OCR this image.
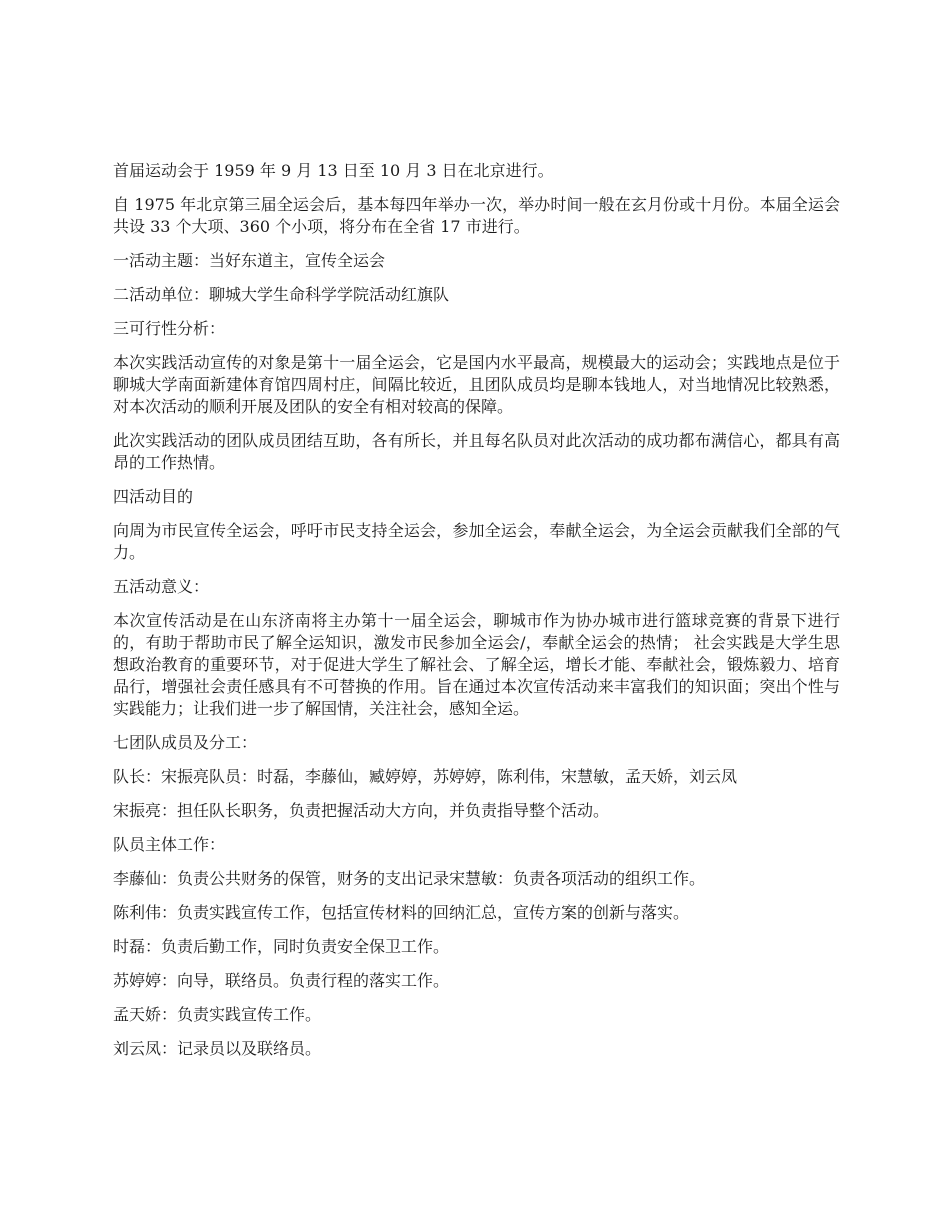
首届运动会于 1959 年 9 月 13 日至 10 月 3 日在北京进行。

自 1975 年北京第三届全运会后，基本每四年举办一次，举办时间一般在玄月份或十月份。本届全运会共设 33 个大项、360 个小项，将分布在全省 17 市进行。

一活动主题：当好东道主，宣传全运会

二活动单位：聊城大学生命科学学院活动红旗队

三可行性分析：

本次实践活动宣传的对象是第十一届全运会，它是国内水平最高，规模最大的运动会；实践地点是位于聊城大学南面新建体育馆四周村庄，间隔比较近，且团队成员均是聊本钱地人，对当地情况比较熟悉，对本次活动的顺利开展及团队的安全有相对较高的保障。

此次实践活动的团队成员团结互助，各有所长，并且每名队员对此次活动的成功都布满信心，都具有高昂的工作热情。

四活动目的

向周为市民宣传全运会，呼吁市民支持全运会，参加全运会，奉献全运会，为全运会贡献我们全部的气力。

五活动意义：

本次宣传活动是在山东济南将主办第十一届全运会，聊城市作为协办城市进行篮球竞赛的背景下进行的，有助于帮助市民了解全运知识，激发市民参加全运会/，奉献全运会的热情； 社会实践是大学生思想政治教育的重要环节，对于促进大学生了解社会、了解全运，增长才能、奉献社会，锻炼毅力、培育品行，增强社会责任感具有不可替换的作用。旨在通过本次宣传活动来丰富我们的知识面；突出个性与实践能力；让我们进一步了解国情，关注社会，感知全运。

七团队成员及分工：

队长：宋振亮队员：时磊，李藤仙，臧婷婷，苏婷婷，陈利伟，宋慧敏，孟天娇，刘云凤

宋振亮：担任队长职务，负责把握活动大方向，并负责指导整个活动。

队员主体工作：

李藤仙：负责公共财务的保管，财务的支出记录宋慧敏：负责各项活动的组织工作。

陈利伟：负责实践宣传工作，包括宣传材料的回纳汇总，宣传方案的创新与落实。

时磊：负责后勤工作，同时负责安全保卫工作。

苏婷婷：向导，联络员。负责行程的落实工作。

孟天娇：负责实践宣传工作。

刘云凤：记录员以及联络员。
